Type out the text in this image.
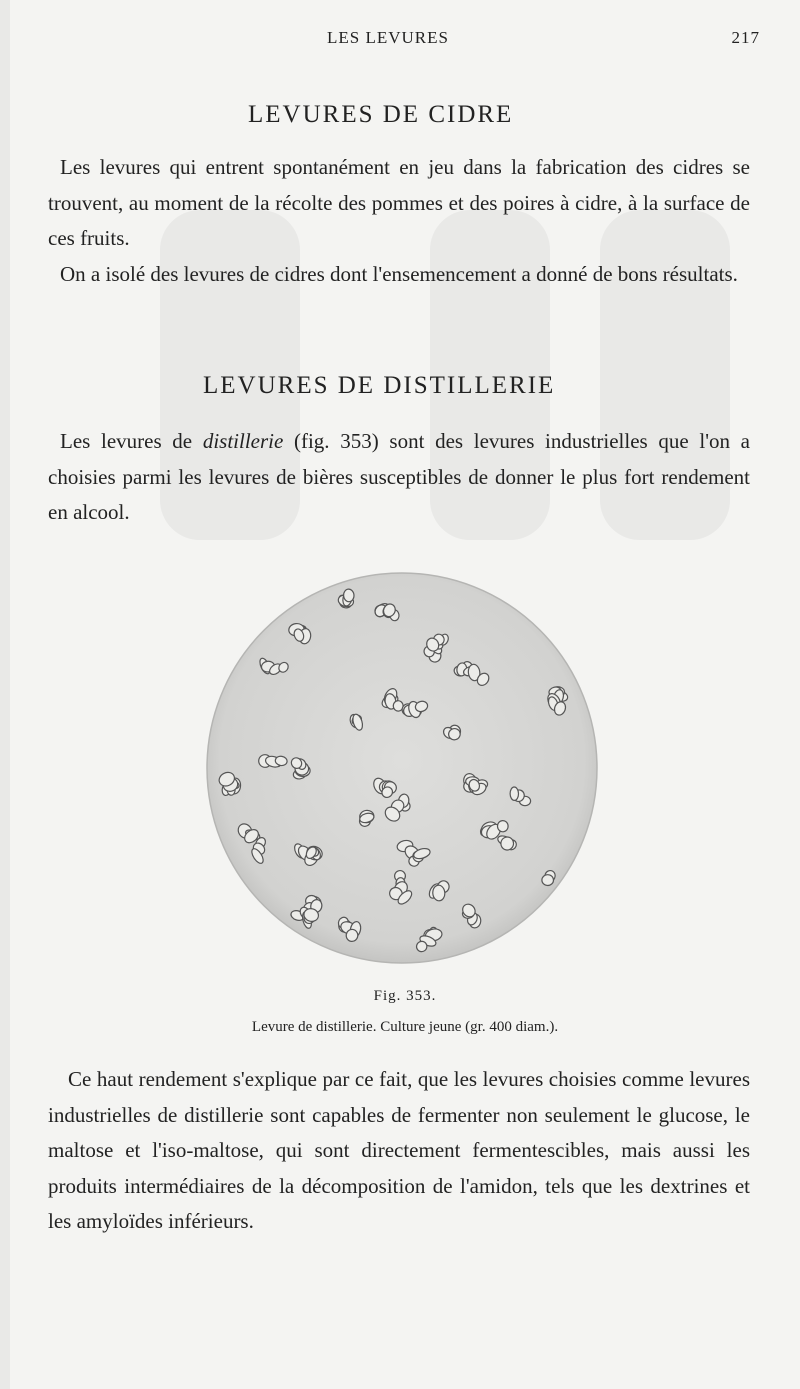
LES LEVURES	217
LEVURES DE CIDRE

Les levures qui entrent spontanément en jeu dans la fabrication des cidres se trouvent, au moment de la récolte des pommes et des poires à cidre, à la surface de ces fruits.

On a isolé des levures de cidres dont l'ensemencement a donné de bons résultats.

LEVURES DE DISTILLERIE

Les levures de distillerie (fig. 353) sont des levures industrielles que l'on a choisies parmi les levures de bières susceptibles de donner le plus fort rendement en alcool.

Fig. 353.
Levure de distillerie. Culture jeune (gr. 400 diam.).

Ce haut rendement s'explique par ce fait, que les levures choisies comme levures industrielles de distillerie sont capables de fermenter non seulement le glucose, le maltose et l'iso-maltose, qui sont directement fermentescibles, mais aussi les produits intermédiaires de la décomposition de l'amidon, tels que les dextrines et les amyloïdes inférieurs.
